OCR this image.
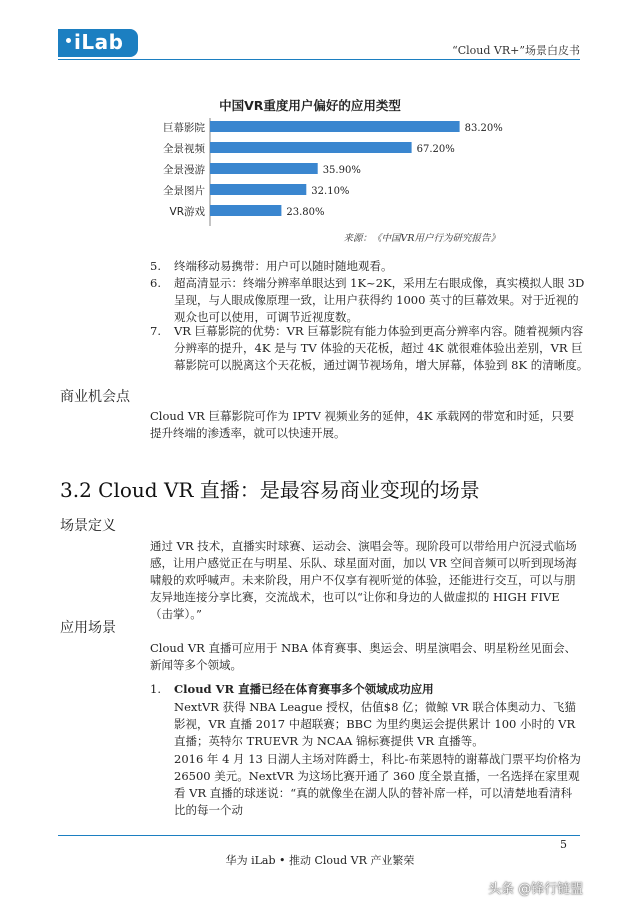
iLab	“Cloud VR+”场景白皮书
中国VR重度用户偏好的应用类型
巨幕影院	83.20%
全景视频	67.20%
全景漫游	35.90%
全景图片	32.10%
VR游戏	23.80%
来源：《中国VR用户行为研究报告》
5.	终端移动易携带：用户可以随时随地观看。
6.	超高清显示：终端分辨率单眼达到 1K~2K，采用左右眼成像，真实模拟人眼 3D 呈现，与人眼成像原理一致，让用户获得约 1000 英寸的巨幕效果。对于近视的观众也可以使用，可调节近视度数。
7.	VR 巨幕影院的优势：VR 巨幕影院有能力体验到更高分辨率内容。随着视频内容分辨率的提升，4K 是与 TV 体验的天花板，超过 4K 就很难体验出差别，VR 巨幕影院可以脱离这个天花板，通过调节视场角，增大屏幕，体验到 8K 的清晰度。
商业机会点
Cloud VR 巨幕影院可作为 IPTV 视频业务的延伸，4K 承载网的带宽和时延，只要提升终端的渗透率，就可以快速开展。
3.2 Cloud VR 直播：是最容易商业变现的场景
场景定义
通过 VR 技术，直播实时球赛、运动会、演唱会等。现阶段可以带给用户沉浸式临场感，让用户感觉正在与明星、乐队、球星面对面，加以 VR 空间音频可以听到现场海啸般的欢呼喊声。未来阶段，用户不仅享有视听觉的体验，还能进行交互，可以与朋友异地连接分享比赛，交流战术，也可以“让你和身边的人做虚拟的 HIGH FIVE（击掌）。”
应用场景
Cloud VR 直播可应用于 NBA 体育赛事、奥运会、明星演唱会、明星粉丝见面会、新闻等多个领域。
1. Cloud VR 直播已经在体育赛事多个领域成功应用
NextVR 获得 NBA League 授权，估值$8 亿；微鲸 VR 联合体奥动力、飞猫影视，VR 直播 2017 中超联赛；BBC 为里约奥运会提供累计 100 小时的 VR 直播；英特尔 TRUEVR 为 NCAA 锦标赛提供 VR 直播等。
2016 年 4 月 13 日湖人主场对阵爵士，科比-布莱恩特的谢幕战门票平均价格为26500 美元。NextVR 为这场比赛开通了 360 度全景直播，一名选择在家里观看 VR 直播的球迷说：“真的就像坐在湖人队的替补席一样，可以清楚地看清科比的每一个动
5
华为 iLab • 推动 Cloud VR 产业繁荣
头条 @锋行链盟
